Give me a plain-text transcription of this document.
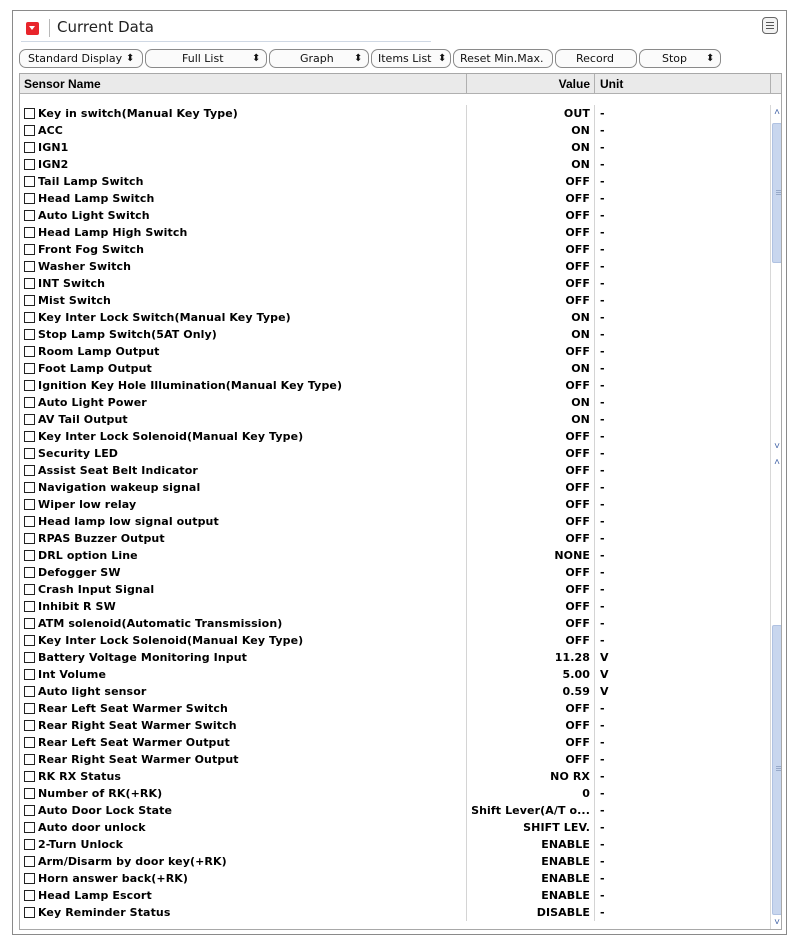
Current Data
Standard Display ⬍	Full List	⬍	Graph ⬍ Items List ⬍ Reset Min.Max.	Record	Stop ⬍
Sensor Name	Value Unit
Key in switch(Manual Key Type)	OUT -
ACC	ON -
IGN1	ON -
IGN2	ON -
Tail Lamp Switch	OFF -
Head Lamp Switch	OFF -
Auto Light Switch	OFF -
Head Lamp High Switch	OFF -
Front Fog Switch	OFF -
Washer Switch	OFF -
INT Switch	OFF -
Mist Switch	OFF -
Key Inter Lock Switch(Manual Key Type)	ON -
Stop Lamp Switch(5AT Only)	ON -
Room Lamp Output	OFF -
Foot Lamp Output	ON -
Ignition Key Hole Illumination(Manual Key Type)	OFF -
Auto Light Power	ON -
AV Tail Output	ON -
Key Inter Lock Solenoid(Manual Key Type)	OFF -
Security LED	OFF -
Assist Seat Belt Indicator	OFF -
Navigation wakeup signal	OFF -
Wiper low relay	OFF -
Head lamp low signal output	OFF -
RPAS Buzzer Output	OFF -
DRL option Line	NONE -
Defogger SW	OFF -
Crash Input Signal	OFF -
Inhibit R SW	OFF -
ATM solenoid(Automatic Transmission)	OFF -
Key Inter Lock Solenoid(Manual Key Type)	OFF -
Battery Voltage Monitoring Input	11.28 V
Int Volume	5.00 V
Auto light sensor	0.59 V
Rear Left Seat Warmer Switch	OFF -
Rear Right Seat Warmer Switch	OFF -
Rear Left Seat Warmer Output	OFF -
Rear Right Seat Warmer Output	OFF -
RK RX Status	NO RX -
Number of RK(+RK)	0 -
Auto Door Lock State	Shift Lever(A/T o... -
Auto door unlock	SHIFT LEV. -
2-Turn Unlock	ENABLE -
Arm/Disarm by door key(+RK)	ENABLE -
Horn answer back(+RK)	ENABLE -
Head Lamp Escort	ENABLE -
Key Reminder Status	DISABLE -
˄
˅
˄
˅
